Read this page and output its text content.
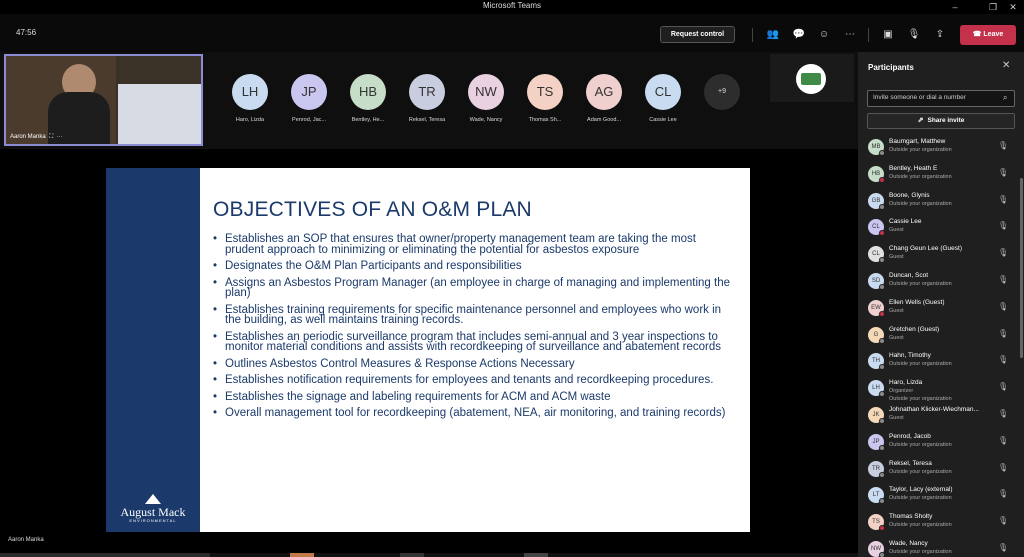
Microsoft Teams	–	❐	✕
47:56	Request control	👥	💬	☺	⋯	▣	🎙	⇪	☎ Leave
Aaron Manka  ⛶  ⋯
LH
Haro, Lizda
JP
Penrod, Jac...
HB
Bentley, He...
TR
Reksel, Teresa
NW
Wade, Nancy
TS
Thomas Sh...
AG
Adam Good...
CL
Cassie Lee
+9
August Mack
ENVIRONMENTAL
OBJECTIVES OF AN O&M PLAN
• Establishes an SOP that ensures that owner/property management team are taking the most prudent approach to minimizing or eliminating the potential for asbestos exposure
• Designates the O&M Plan Participants and responsibilities
• Assigns an Asbestos Program Manager (an employee in charge of managing and implementing the plan)
• Establishes training requirements for specific maintenance personnel and employees who work in the building, as well maintains training records.
• Establishes an periodic surveillance program that includes semi-annual and 3 year inspections to monitor material conditions and assists with recordkeeping of surveillance and abatement records
• Outlines Asbestos Control Measures & Response Actions Necessary
• Establishes notification requirements for employees and tenants and recordkeeping procedures.
• Establishes the signage and labeling requirements for ACM and ACM waste
• Overall management tool for recordkeeping (abatement, NEA, air monitoring, and training records)
Aaron Manka
Participants	✕
Invite someone or dial a number
⌕
⇗ Share invite
MB
Baumgart, Matthew
Outside your organization	🎙
HB
Bentley, Heath E
Outside your organization	🎙
GB
Boone, Glynis
Outside your organization	🎙
CL
Cassie Lee
Guest	🎙
CL
Chang Geun Lee (Guest)
Guest	🎙
SD
Duncan, Scot
Outside your organization	🎙
EW
Ellen Wells (Guest)
Guest	🎙
G
Gretchen (Guest)
Guest	🎙
TH
Hahn, Timothy
Outside your organization	🎙
LH
Haro, Lizda
Organizer
Outside your organization
🎙
JK
Johnathan Klicker-Wiechman...
Guest	🎙
JP
Penrod, Jacob
Outside your organization	🎙
TR
Reksel, Teresa
Outside your organization	🎙
LT
Taylor, Lacy (external)
Outside your organization	🎙
TS
Thomas Sholty
Outside your organization	🎙
NW
Wade, Nancy
Outside your organization	🎙
